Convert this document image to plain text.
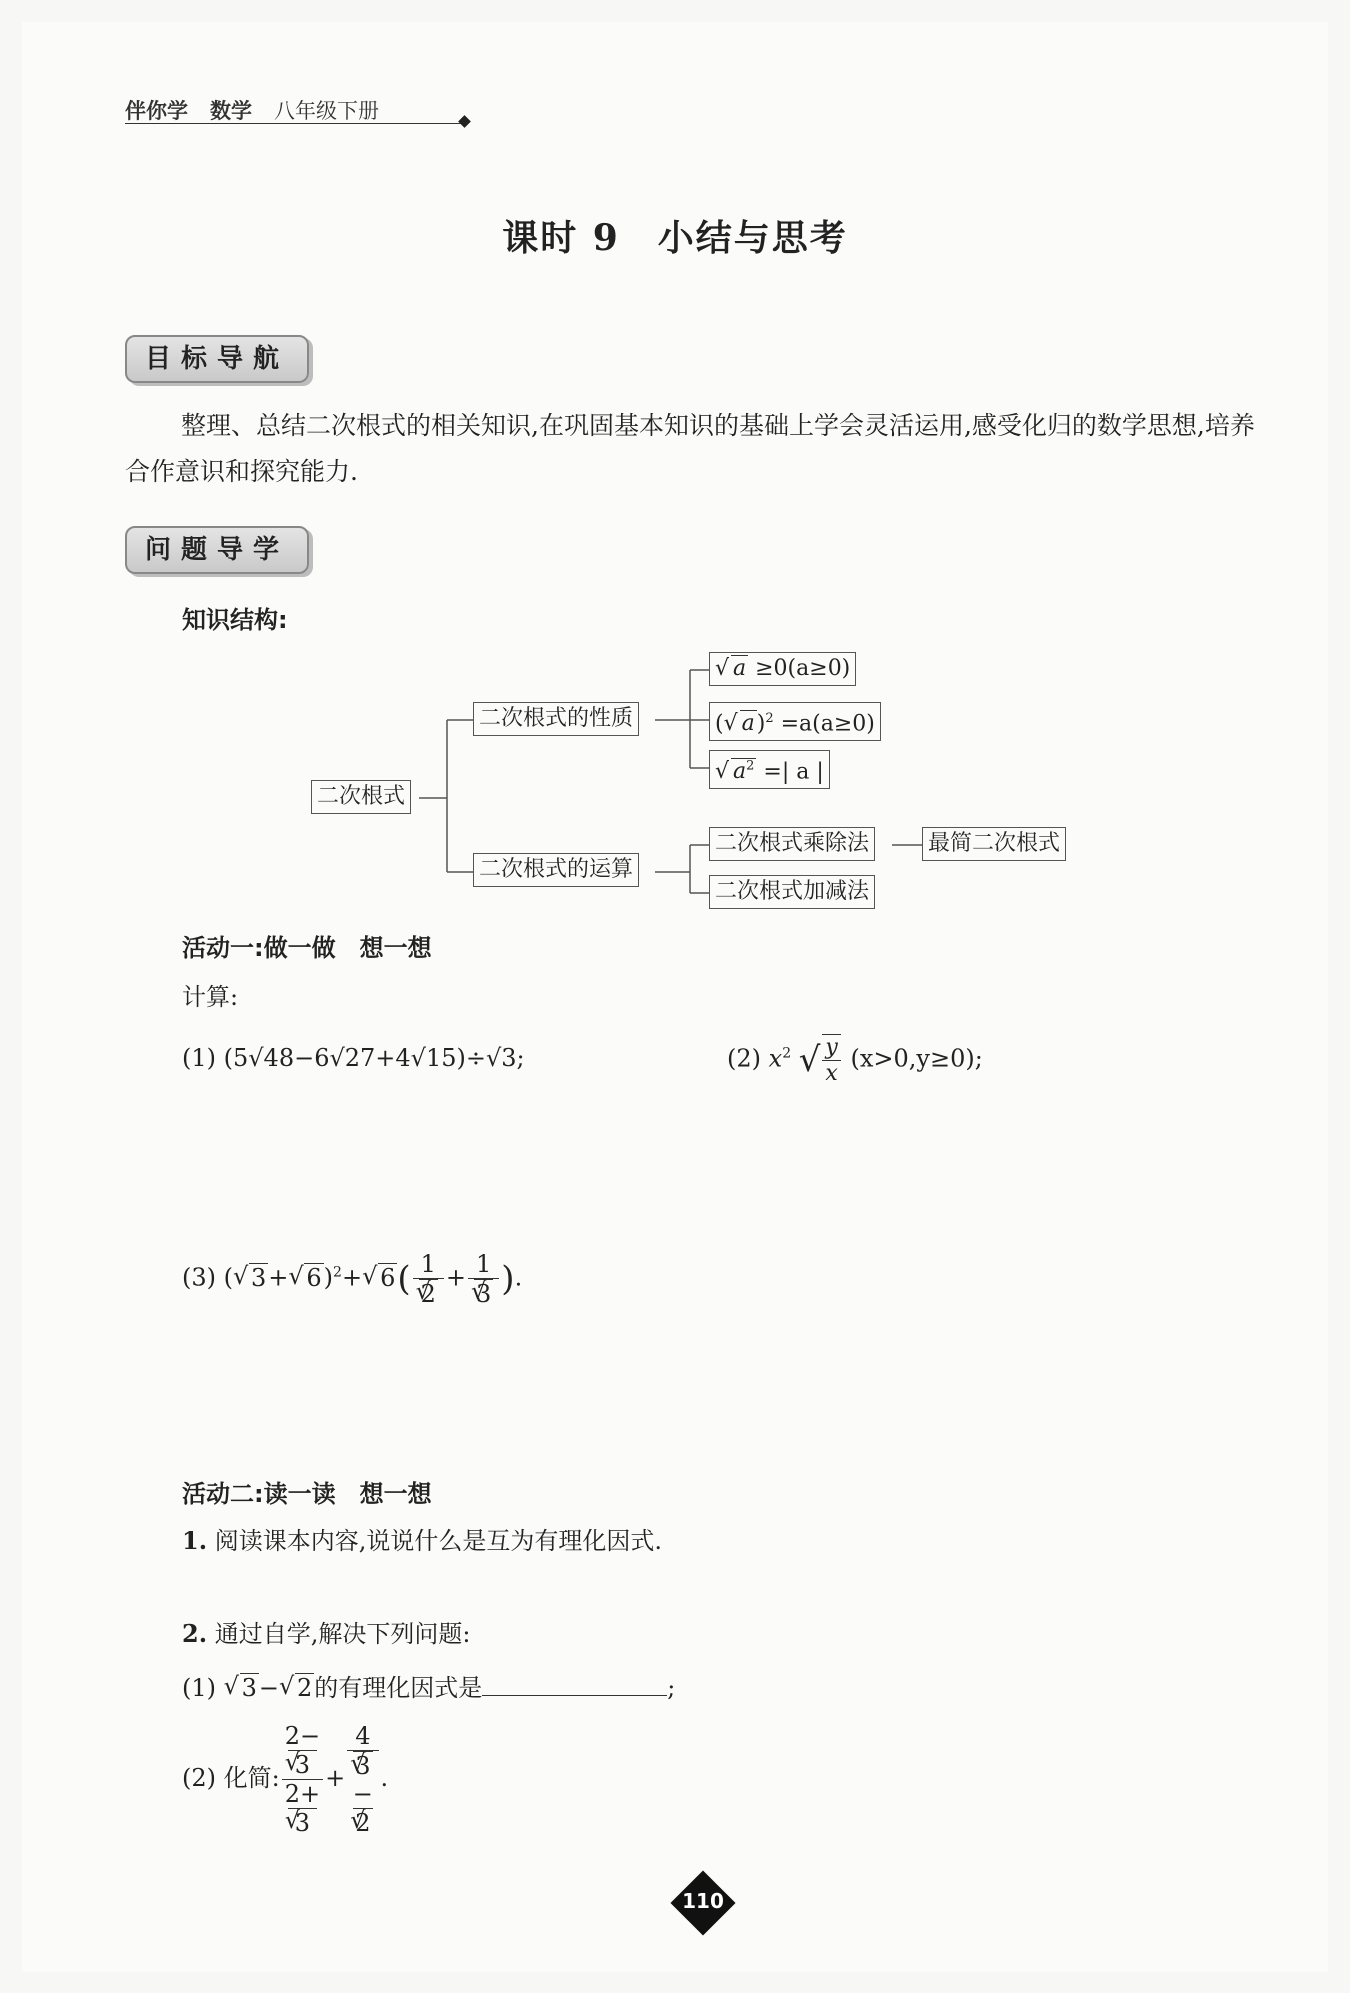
伴你学 数学 八年级下册
课时 9　小结与思考
目标导航
整理、总结二次根式的相关知识,在巩固基本知识的基础上学会灵活运用,感受化归的数学思想,培养合作意识和探究能力.
问题导学
知识结构:
二次根式
二次根式的性质
二次根式的运算
√ a ≥0(a≥0)
( √ a)$^2$ =a(a≥0)
√ $a^2$ =| a |
二次根式乘除法	最简二次根式
二次根式加减法
活动一:做一做　想一想
计算:
(1) (5√48−6√27+4√15)÷√3;	(2) $x^2$ √ $\frac{y}{x} (x>0,y\ge 0)$;
(3) ( √ 3+ √ 6)$^2$+ √ 6( 1
√ 2 + 1
√ 3 ).
活动二:读一读　想一想
1. 阅读课本内容,说说什么是互为有理化因式.
2. 通过自学,解决下列问题:
(1) √ 3− √ 2的有理化因式是	;
(2) 化简: 2−
√ 3
2+
√ 3 + 4
√ 3
−
√ 2 .
110
